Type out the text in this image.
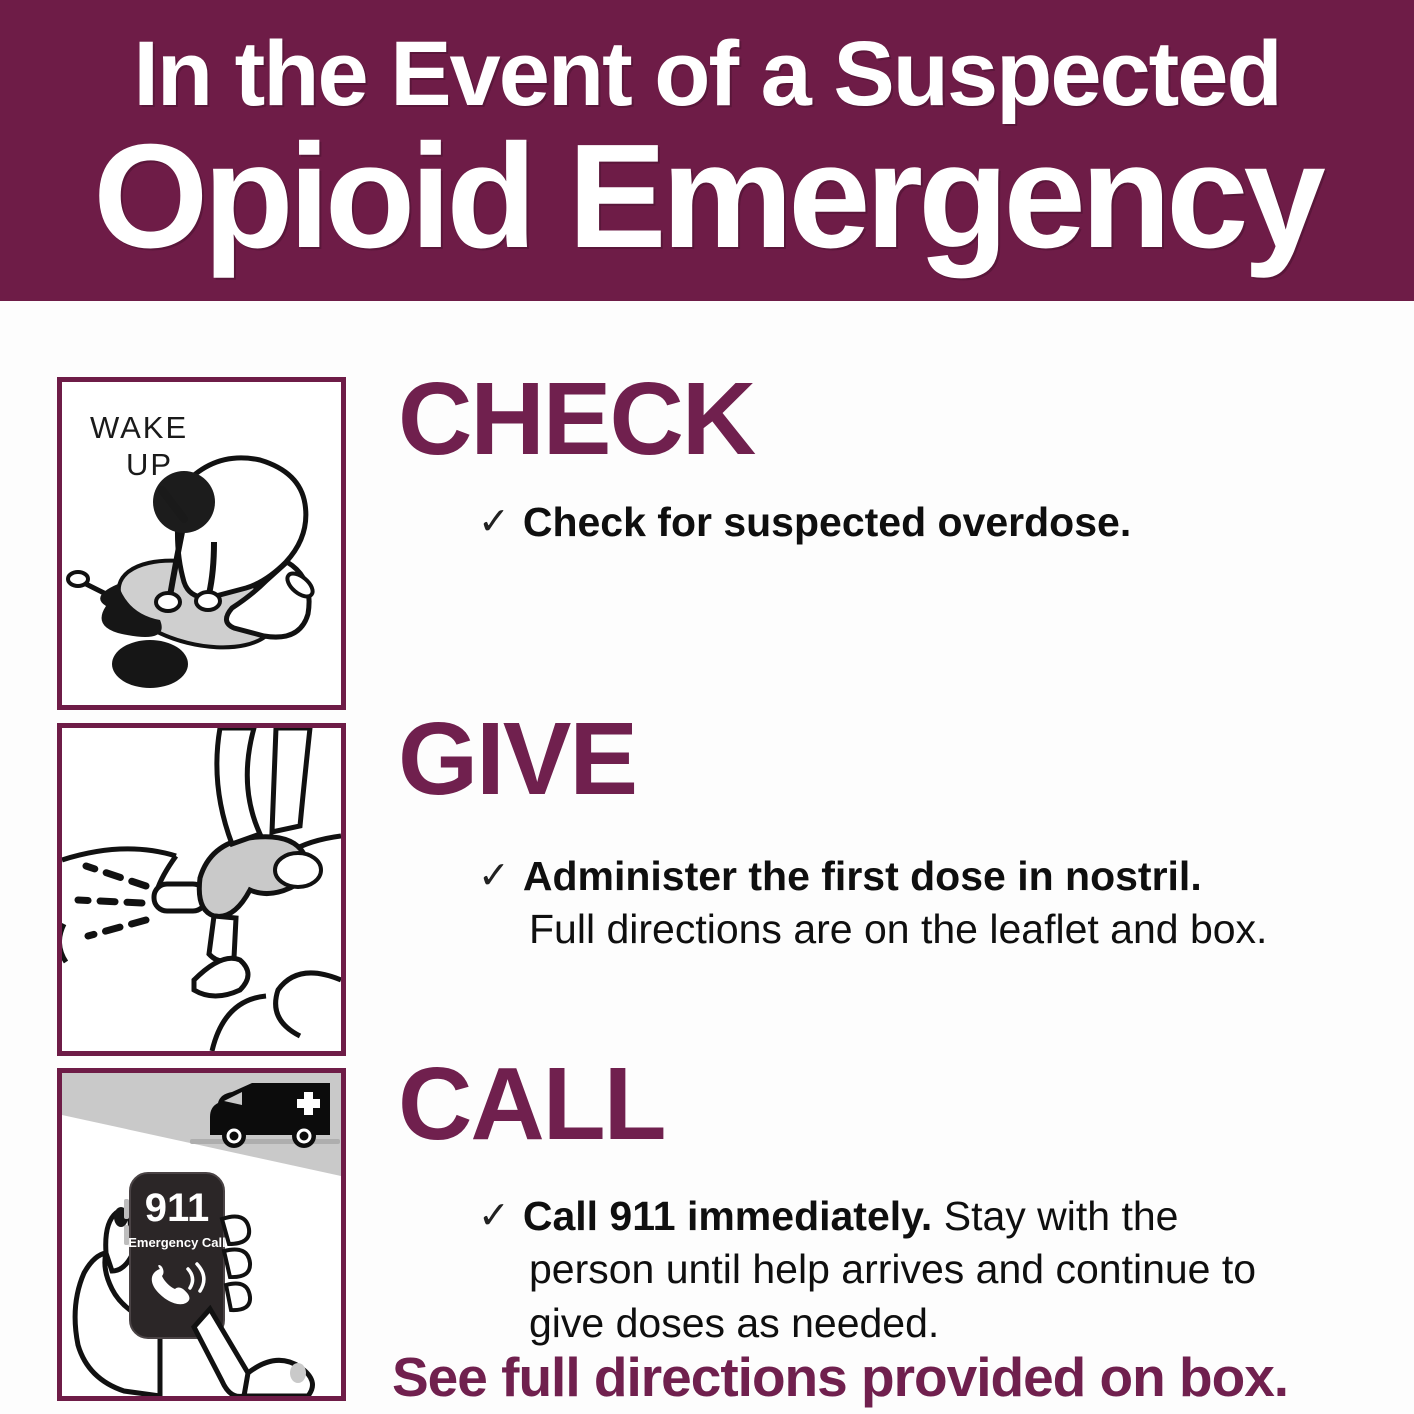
In the Event of a Suspected
Opioid Emergency
WAKE
UP
911
Emergency Call
CHECK
✓ Check for suspected overdose.
GIVE
✓ Administer the first dose in nostril.
Full directions are on the leaflet and box.
CALL
✓ Call 911 immediately. Stay with the
person until help arrives and continue to
give doses as needed.
See full directions provided on box.
